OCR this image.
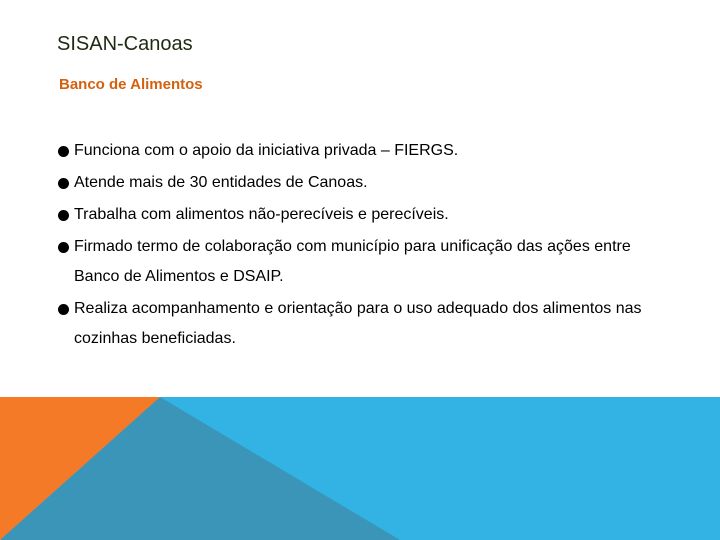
SISAN-Canoas
Banco de Alimentos
Funciona com o apoio da iniciativa privada – FIERGS.
Atende mais de 30 entidades de Canoas.
Trabalha com alimentos não-perecíveis e perecíveis.
Firmado termo de colaboração com município para unificação das ações entre Banco de Alimentos e DSAIP.
Realiza acompanhamento e orientação para o uso adequado dos alimentos nas cozinhas beneficiadas.
